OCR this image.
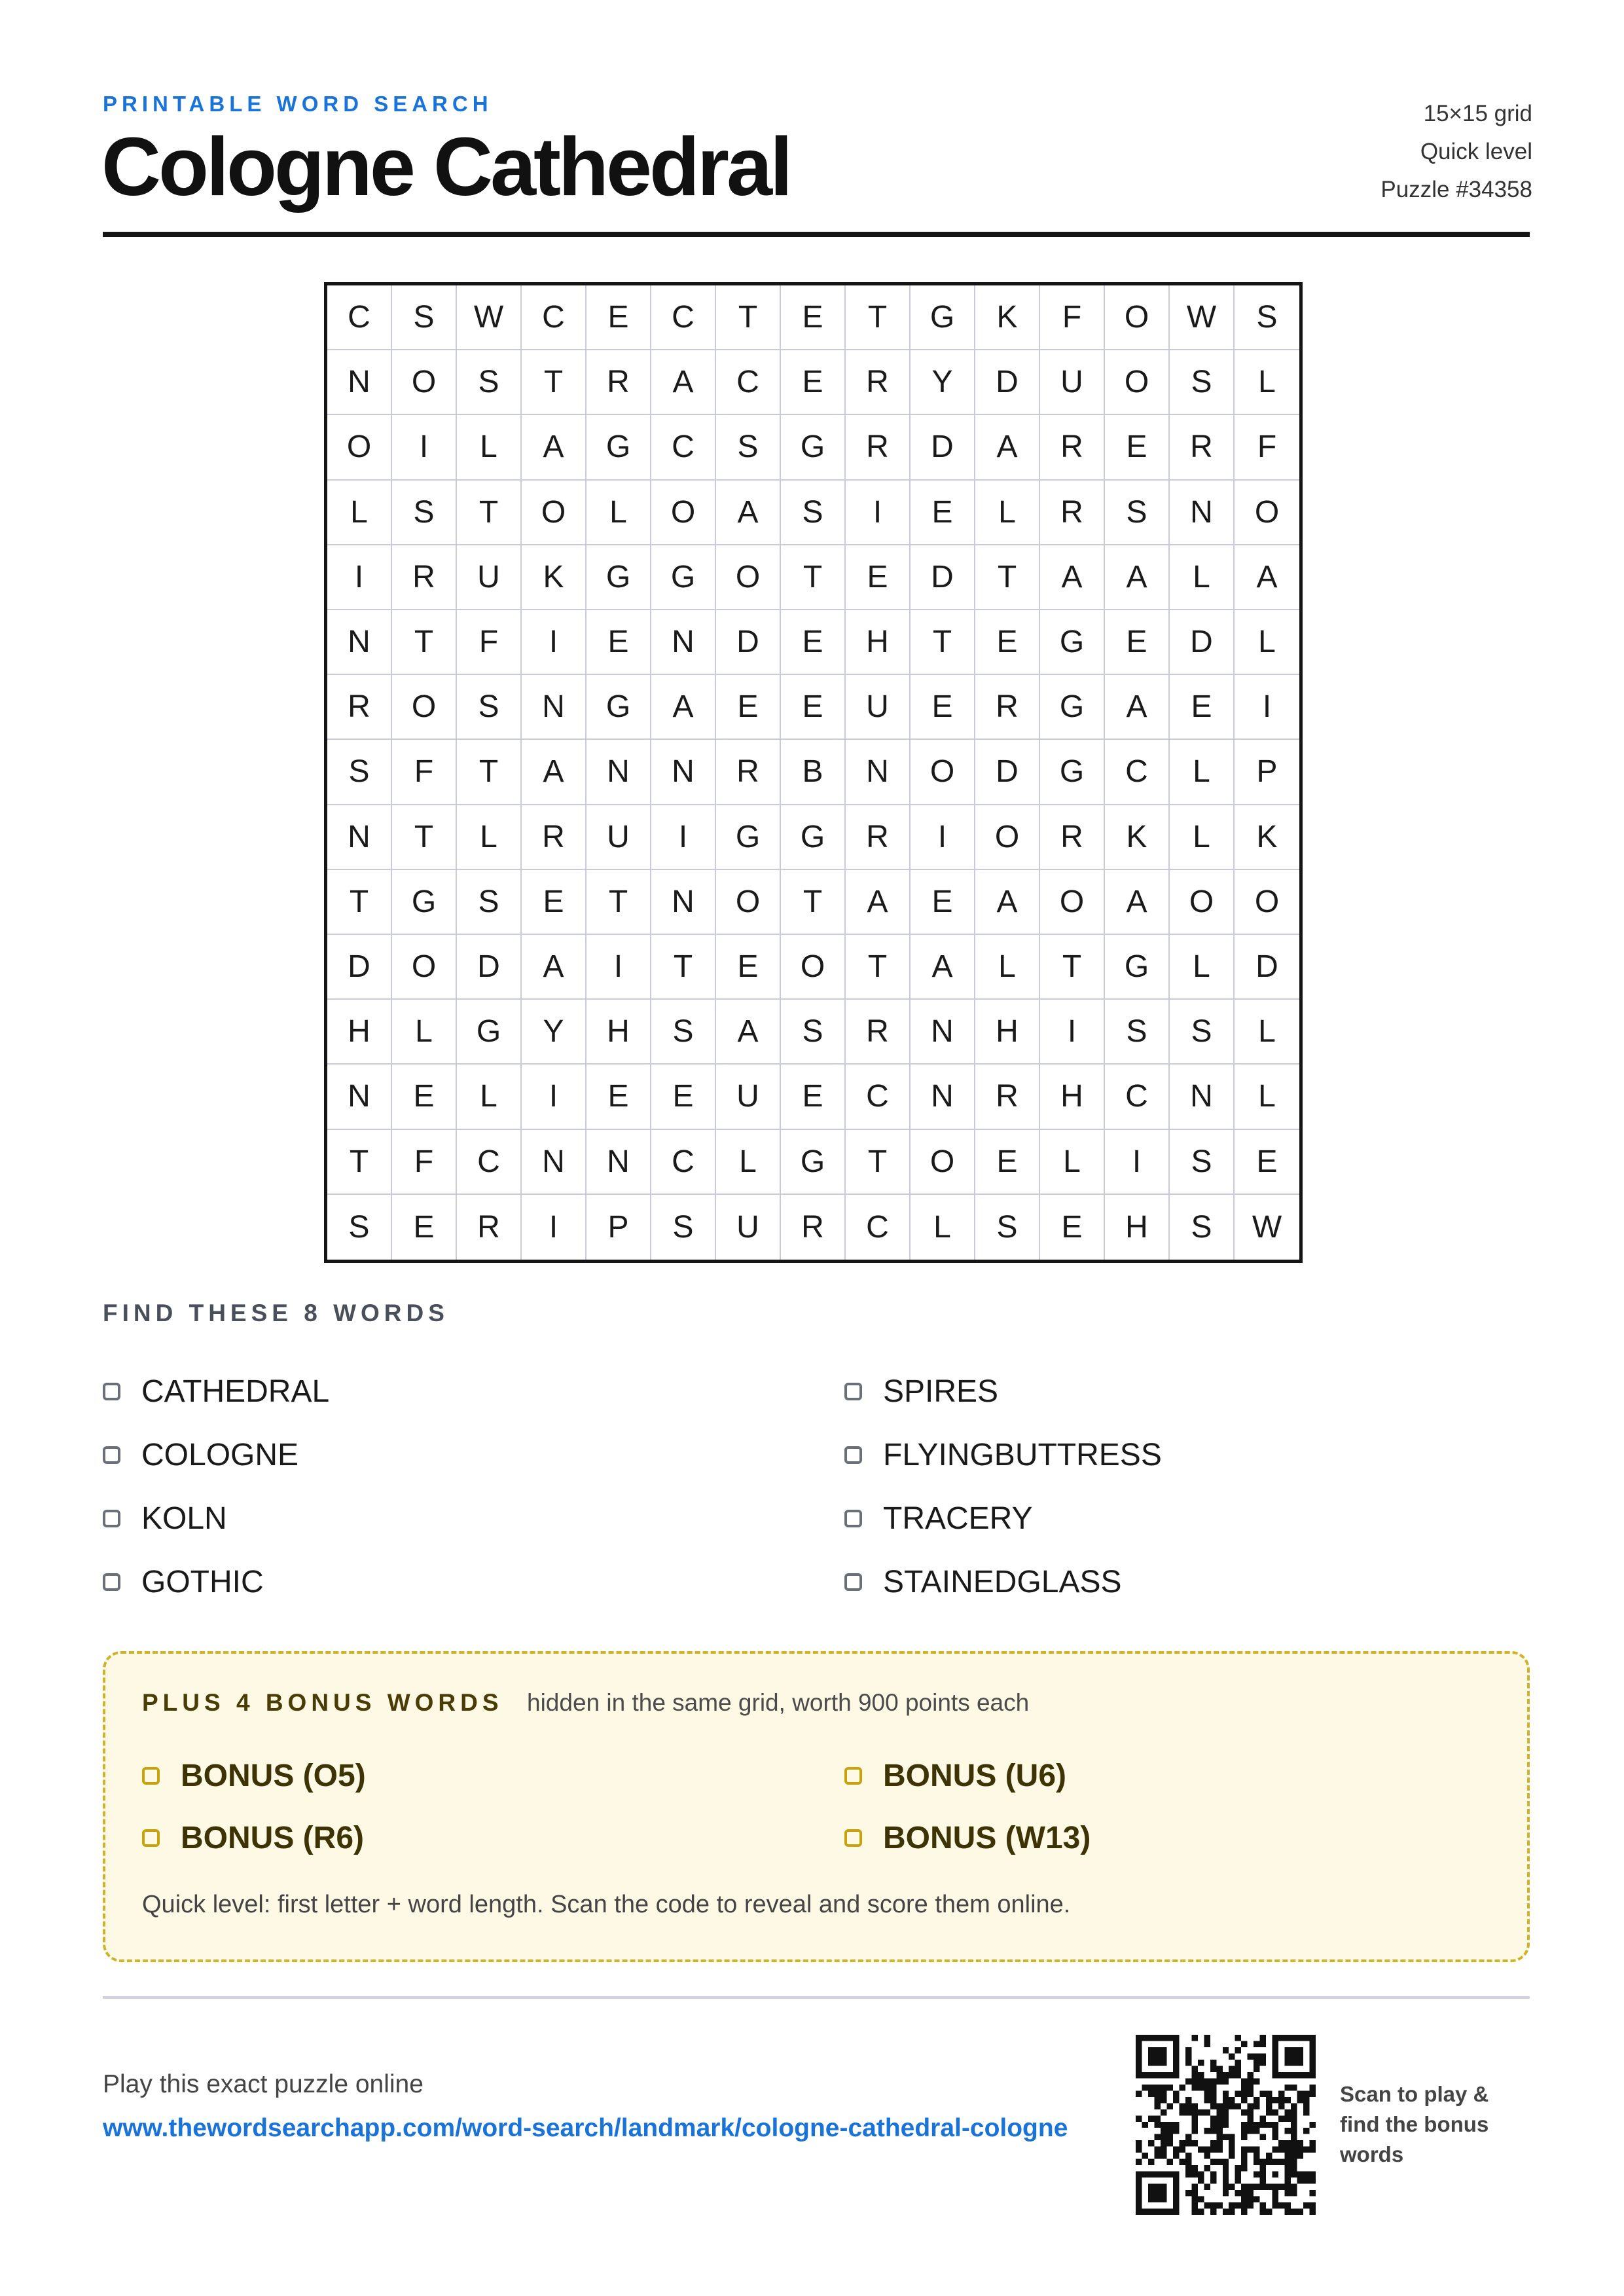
PRINTABLE WORD SEARCH
Cologne Cathedral
15×15 grid
Quick level
Puzzle #34358
C	S	W	C	E	C	T	E	T	G	K	F	O	W	S
N	O	S	T	R	A	C	E	R	Y	D	U	O	S	L
O	I	L	A	G	C	S	G	R	D	A	R	E	R	F
L	S	T	O	L	O	A	S	I	E	L	R	S	N	O
I	R	U	K	G	G	O	T	E	D	T	A	A	L	A
N	T	F	I	E	N	D	E	H	T	E	G	E	D	L
R	O	S	N	G	A	E	E	U	E	R	G	A	E	I
S	F	T	A	N	N	R	B	N	O	D	G	C	L	P
N	T	L	R	U	I	G	G	R	I	O	R	K	L	K
T	G	S	E	T	N	O	T	A	E	A	O	A	O	O
D	O	D	A	I	T	E	O	T	A	L	T	G	L	D
H	L	G	Y	H	S	A	S	R	N	H	I	S	S	L
N	E	L	I	E	E	U	E	C	N	R	H	C	N	L
T	F	C	N	N	C	L	G	T	O	E	L	I	S	E
S	E	R	I	P	S	U	R	C	L	S	E	H	S	W
FIND THESE 8 WORDS
CATHEDRAL
COLOGNE
KOLN
GOTHIC
SPIRES
FLYINGBUTTRESS
TRACERY
STAINEDGLASS
PLUS 4 BONUS WORDS hidden in the same grid, worth 900 points each
BONUS (O5)	BONUS (U6)
BONUS (R6)	BONUS (W13)
Quick level: first letter + word length. Scan the code to reveal and score them online.
Play this exact puzzle online
www.thewordsearchapp.com/word-search/landmark/cologne-cathedral-cologne
Scan to play & find the bonus words
